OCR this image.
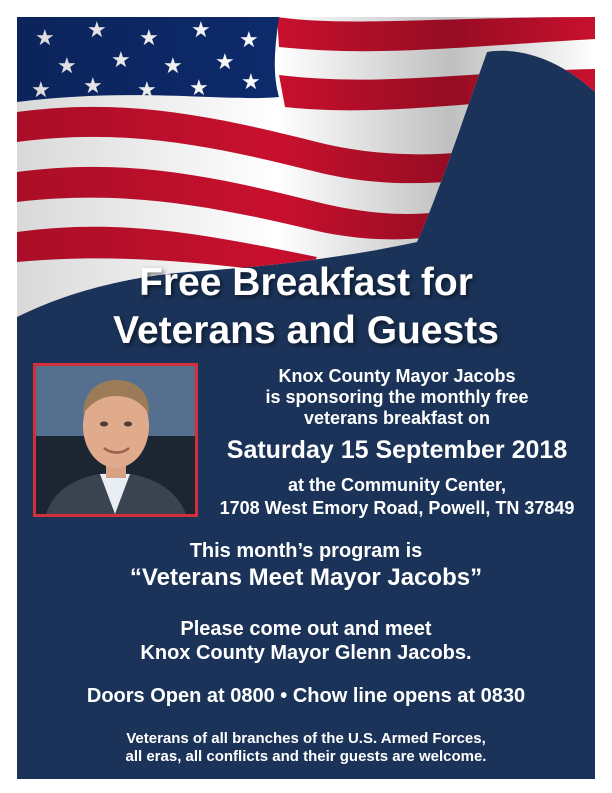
Free Breakfast for
Veterans and Guests
Knox County Mayor Jacobs
is sponsoring the monthly free
veterans breakfast on
Saturday 15 September 2018
at the Community Center,
1708 West Emory Road, Powell, TN 37849
This month’s program is
“Veterans Meet Mayor Jacobs”
Please come out and meet
Knox County Mayor Glenn Jacobs.
Doors Open at 0800 • Chow line opens at 0830
Veterans of all branches of the U.S. Armed Forces,
all eras, all conflicts and their guests are welcome.
